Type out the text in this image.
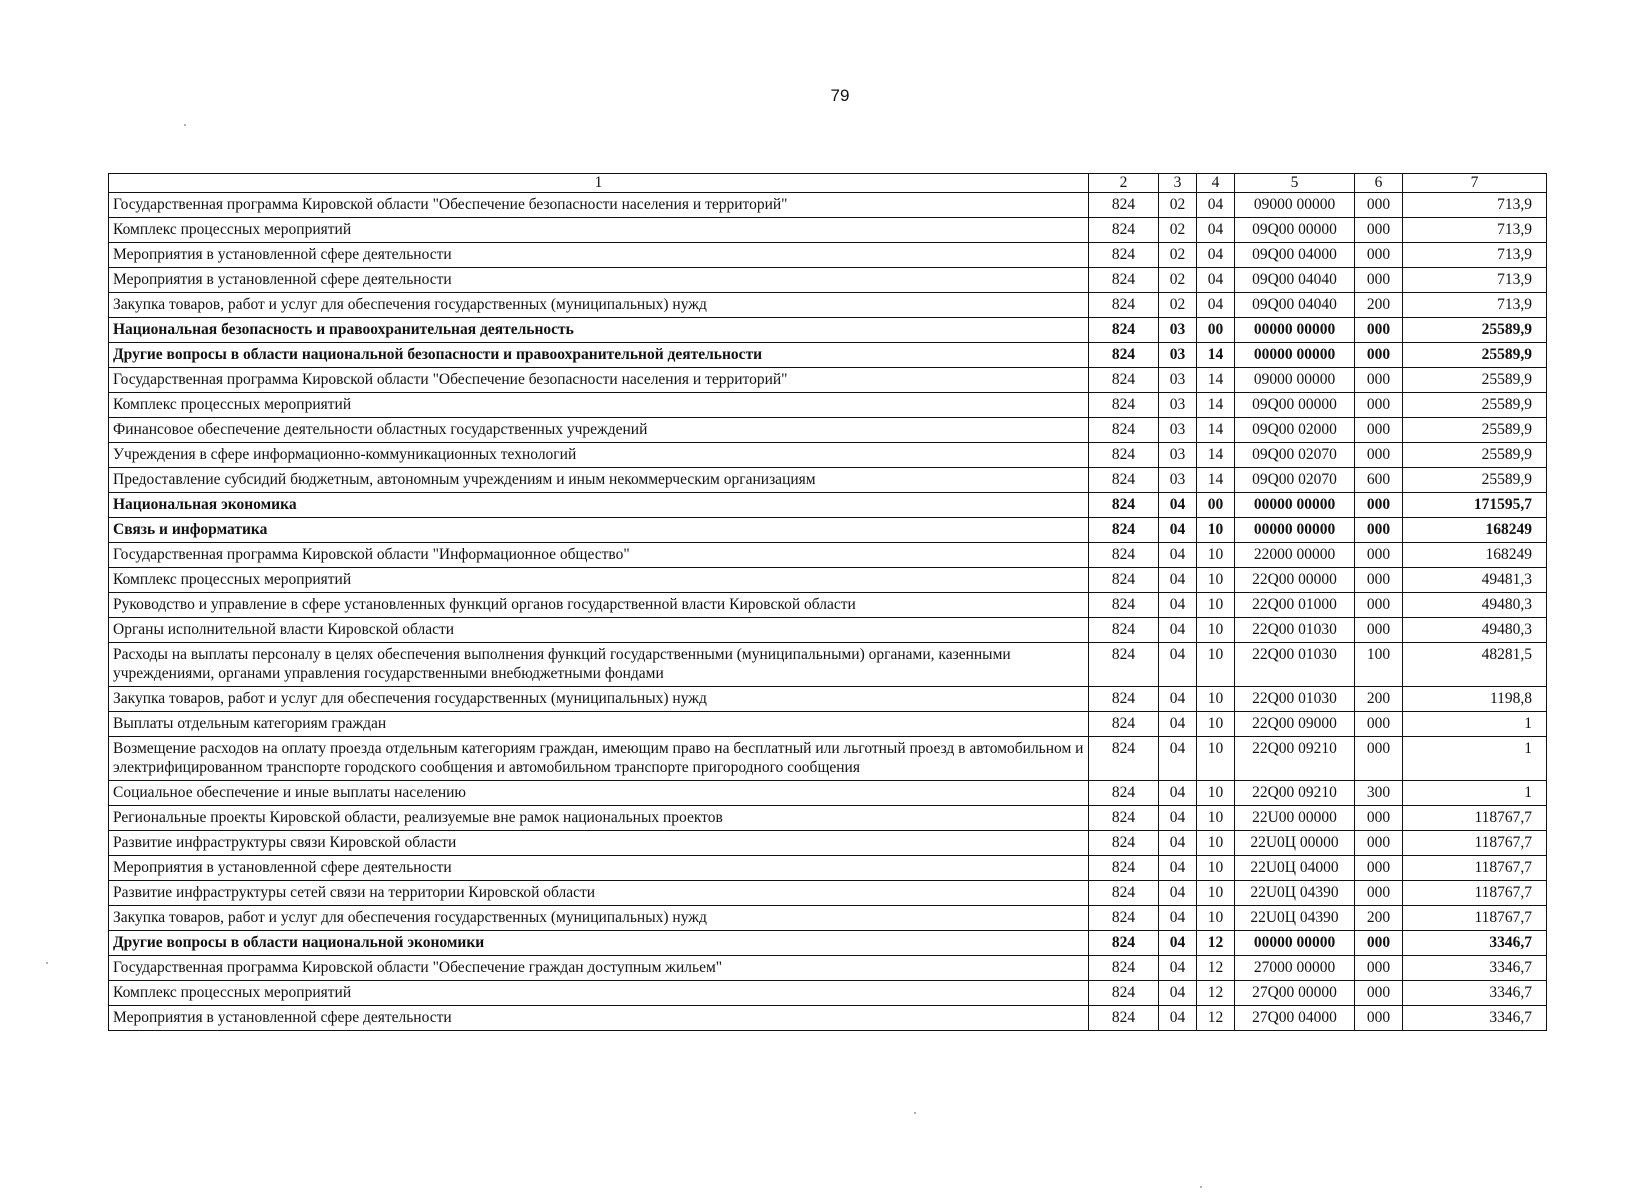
79
1	2	3	4	5	6	7
Государственная программа Кировской области "Обеспечение безопасности населения и территорий"	824	02	04	09000 00000	000	713,9
Комплекс процессных мероприятий	824	02	04	09Q00 00000	000	713,9
Мероприятия в установленной сфере деятельности	824	02	04	09Q00 04000	000	713,9
Мероприятия в установленной сфере деятельности	824	02	04	09Q00 04040	000	713,9
Закупка товаров, работ и услуг для обеспечения государственных (муниципальных) нужд	824	02	04	09Q00 04040	200	713,9
Национальная безопасность и правоохранительная деятельность	824	03	00	00000 00000	000	25589,9
Другие вопросы в области национальной безопасности и правоохранительной деятельности	824	03	14	00000 00000	000	25589,9
Государственная программа Кировской области "Обеспечение безопасности населения и территорий"	824	03	14	09000 00000	000	25589,9
Комплекс процессных мероприятий	824	03	14	09Q00 00000	000	25589,9
Финансовое обеспечение деятельности областных государственных учреждений	824	03	14	09Q00 02000	000	25589,9
Учреждения в сфере информационно-коммуникационных технологий	824	03	14	09Q00 02070	000	25589,9
Предоставление субсидий бюджетным, автономным учреждениям и иным некоммерческим организациям	824	03	14	09Q00 02070	600	25589,9
Национальная экономика	824	04	00	00000 00000	000	171595,7
Связь и информатика	824	04	10	00000 00000	000	168249
Государственная программа Кировской области "Информационное общество"	824	04	10	22000 00000	000	168249
Комплекс процессных мероприятий	824	04	10	22Q00 00000	000	49481,3
Руководство и управление в сфере установленных функций органов государственной власти Кировской области	824	04	10	22Q00 01000	000	49480,3
Органы исполнительной власти Кировской области	824	04	10	22Q00 01030	000	49480,3
Расходы на выплаты персоналу в целях обеспечения выполнения функций государственными (муниципальными) органами, казенными учреждениями, органами управления государственными внебюджетными фондами	824	04	10	22Q00 01030	100	48281,5
Закупка товаров, работ и услуг для обеспечения государственных (муниципальных) нужд	824	04	10	22Q00 01030	200	1198,8
Выплаты отдельным категориям граждан	824	04	10	22Q00 09000	000	1
Возмещение расходов на оплату проезда отдельным категориям граждан, имеющим право на бесплатный или льготный проезд в автомобильном и электрифицированном транспорте городского сообщения и автомобильном транспорте пригородного сообщения	824	04	10	22Q00 09210	000	1
Социальное обеспечение и иные выплаты населению	824	04	10	22Q00 09210	300	1
Региональные проекты Кировской области, реализуемые вне рамок национальных проектов	824	04	10	22U00 00000	000	118767,7
Развитие инфраструктуры связи Кировской области	824	04	10	22U0Ц 00000	000	118767,7
Мероприятия в установленной сфере деятельности	824	04	10	22U0Ц 04000	000	118767,7
Развитие инфраструктуры сетей связи на территории Кировской области	824	04	10	22U0Ц 04390	000	118767,7
Закупка товаров, работ и услуг для обеспечения государственных (муниципальных) нужд	824	04	10	22U0Ц 04390	200	118767,7
Другие вопросы в области национальной экономики	824	04	12	00000 00000	000	3346,7
Государственная программа Кировской области "Обеспечение граждан доступным жильем"	824	04	12	27000 00000	000	3346,7
Комплекс процессных мероприятий	824	04	12	27Q00 00000	000	3346,7
Мероприятия в установленной сфере деятельности	824	04	12	27Q00 04000	000	3346,7
